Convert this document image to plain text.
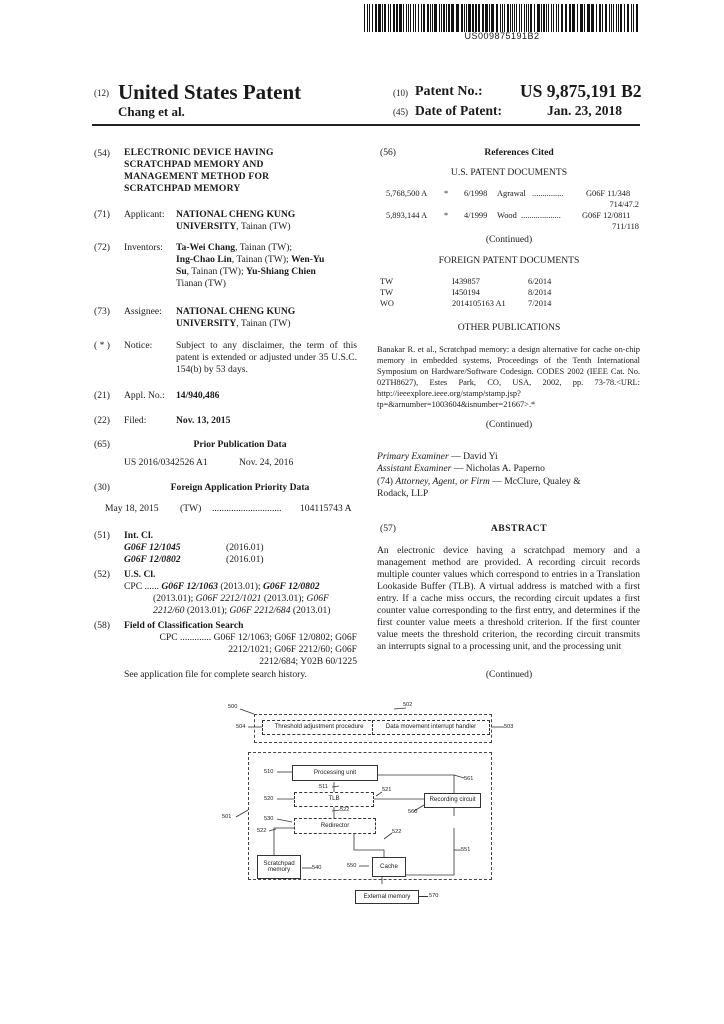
US009875191B2
(12) United States Patent
Chang et al.
(10) Patent No.: US 9,875,191 B2
(45) Date of Patent:	Jan. 23, 2018
(54) ELECTRONIC DEVICE HAVING
SCRATCHPAD MEMORY AND
MANAGEMENT METHOD FOR
SCRATCHPAD MEMORY
(71) Applicant: NATIONAL CHENG KUNG
UNIVERSITY, Tainan (TW)
(72) Inventors: Ta-Wei Chang, Tainan (TW);
Ing-Chao Lin, Tainan (TW); Wen-Yu
Su, Tainan (TW); Yu-Shiang Chien
Tianan (TW)
(73) Assignee: NATIONAL CHENG KUNG
UNIVERSITY, Tainan (TW)
( * ) Notice: Subject to any disclaimer, the term of this patent is extended or adjusted under 35 U.S.C. 154(b) by 53 days.
(21) Appl. No.: 14/940,486
(22) Filed:	Nov. 13, 2015
(65)	Prior Publication Data
US 2016/0342526 A1	Nov. 24, 2016
(30)	Foreign Application Priority Data
May 18, 2015 (TW) ............................. 104115743 A
(51) Int. Cl.
G06F 12/1045	(2016.01)
G06F 12/0802	(2016.01)
(52) U.S. Cl.
CPC ...... G06F 12/1063 (2013.01); G06F 12/0802
(2013.01); G06F 2212/1021 (2013.01); G06F
2212/60 (2013.01); G06F 2212/684 (2013.01)
(58) Field of Classification Search
CPC ............. G06F 12/1063; G06F 12/0802; G06F
2212/1021; G06F 2212/60; G06F
2212/684; Y02B 60/1225
See application file for complete search history.
(56)	References Cited
U.S. PATENT DOCUMENTS
5,768,500 A * 6/1998 Agrawal ...............	G06F 11/348
714/47.2
5,893,144 A * 4/1999 Wood ...................	G06F 12/0811
711/118
(Continued)
FOREIGN PATENT DOCUMENTS
TW	I439857	6/2014
TW	I450194	8/2014
WO	2014105163 A1	7/2014
OTHER PUBLICATIONS
Banakar R. et al., Scratchpad memory: a design alternative for cache on-chip memory in embedded systems, Proceedings of the Tenth International Symposium on Hardware/Software Codesign. CODES 2002 (IEEE Cat. No. 02TH8627), Estes Park, CO, USA, 2002, pp. 73-78.<URL: http://ieeexplore.ieee.org/stamp/stamp.jsp?tp=&arnumber=1003604&isnumber=21667>.*
(Continued)
Primary Examiner — David Yi
Assistant Examiner — Nicholas A. Paperno
(74) Attorney, Agent, or Firm — McClure, Qualey &
Rodack, LLP
(57)	ABSTRACT
An electronic device having a scratchpad memory and a management method are provided. A recording circuit records multiple counter values which correspond to entries in a Translation Lookaside Buffer (TLB). A virtual address is matched with a first entry. If a cache miss occurs, the recording circuit updates a first counter value corresponding to the first entry, and determines if the first counter value meets a threshold criterion. If the first counter value meets the threshold criterion, the recording circuit transmits an interrupts signal to a processing unit, and the processing unit
(Continued)
Threshold adjustment procedure	Data movement interrupt handler
Processing unit
TLB	Recording circuit
Redirector
Scratchpad
memory	Cache
500	502
504	503
501
510
511
561
520
521
522	560
530
522	522
540	550
551
External memory	570
